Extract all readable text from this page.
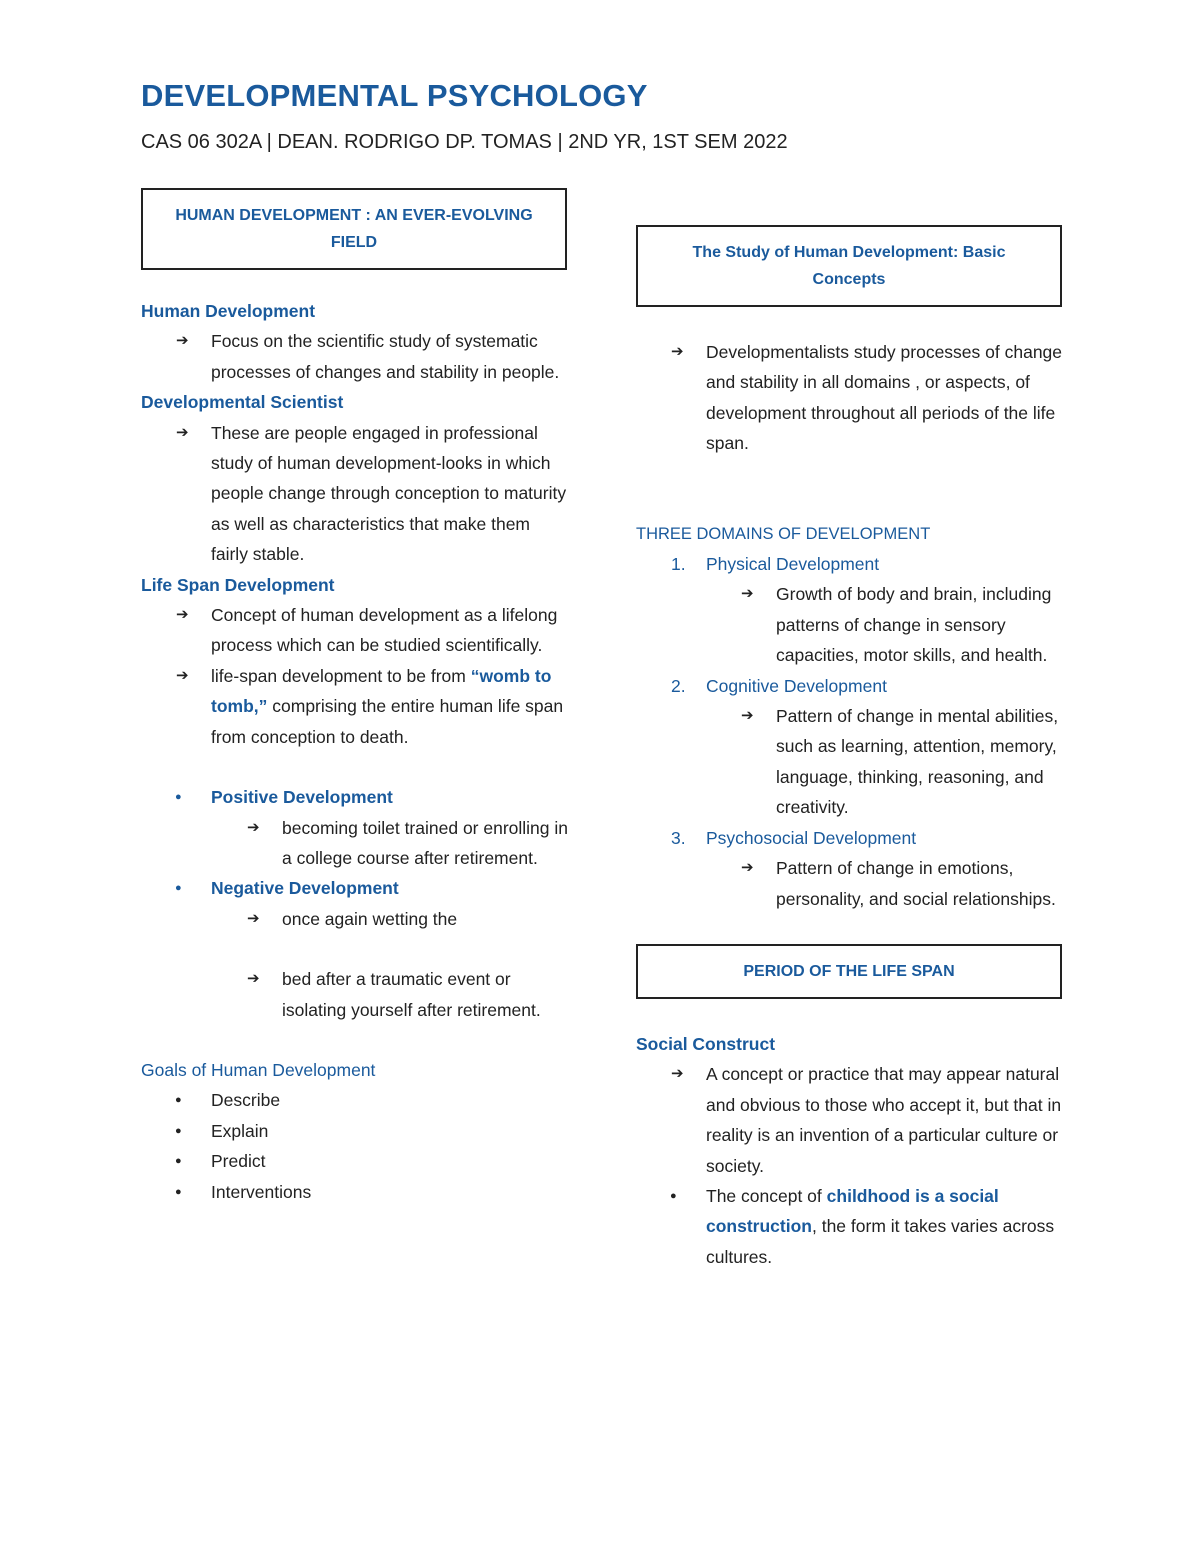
DEVELOPMENTAL PSYCHOLOGY
CAS 06 302A | DEAN. RODRIGO DP. TOMAS | 2ND YR, 1ST SEM 2022
HUMAN DEVELOPMENT : AN EVER-EVOLVING FIELD
Human Development
➔ Focus on the scientific study of systematic processes of changes and stability in people.
Developmental Scientist
➔ These are people engaged in professional study of human development-looks in which people change through conception to maturity as well as characteristics that make them fairly stable.
Life Span Development
➔ Concept of human development as a lifelong process which can be studied scientifically.
➔ life-span development to be from “womb to tomb,” comprising the entire human life span from conception to death.
● Positive Development
➔ becoming toilet trained or enrolling in a college course after retirement.
● Negative Development
➔ once again wetting the
➔ bed after a traumatic event or isolating yourself after retirement.
Goals of Human Development
● Describe
● Explain
● Predict
● Interventions
The Study of Human Development: Basic Concepts
➔ Developmentalists study processes of change and stability in all domains , or aspects, of development throughout all periods of the life span.
THREE DOMAINS OF DEVELOPMENT
1. Physical Development
➔ Growth of body and brain, including patterns of change in sensory capacities, motor skills, and health.
2. Cognitive Development
➔ Pattern of change in mental abilities, such as learning, attention, memory, language, thinking, reasoning, and creativity.
3. Psychosocial Development
➔ Pattern of change in emotions, personality, and social relationships.
PERIOD OF THE LIFE SPAN
Social Construct
➔ A concept or practice that may appear natural and obvious to those who accept it, but that in reality is an invention of a particular culture or society.
● The concept of childhood is a social construction, the form it takes varies across cultures.
